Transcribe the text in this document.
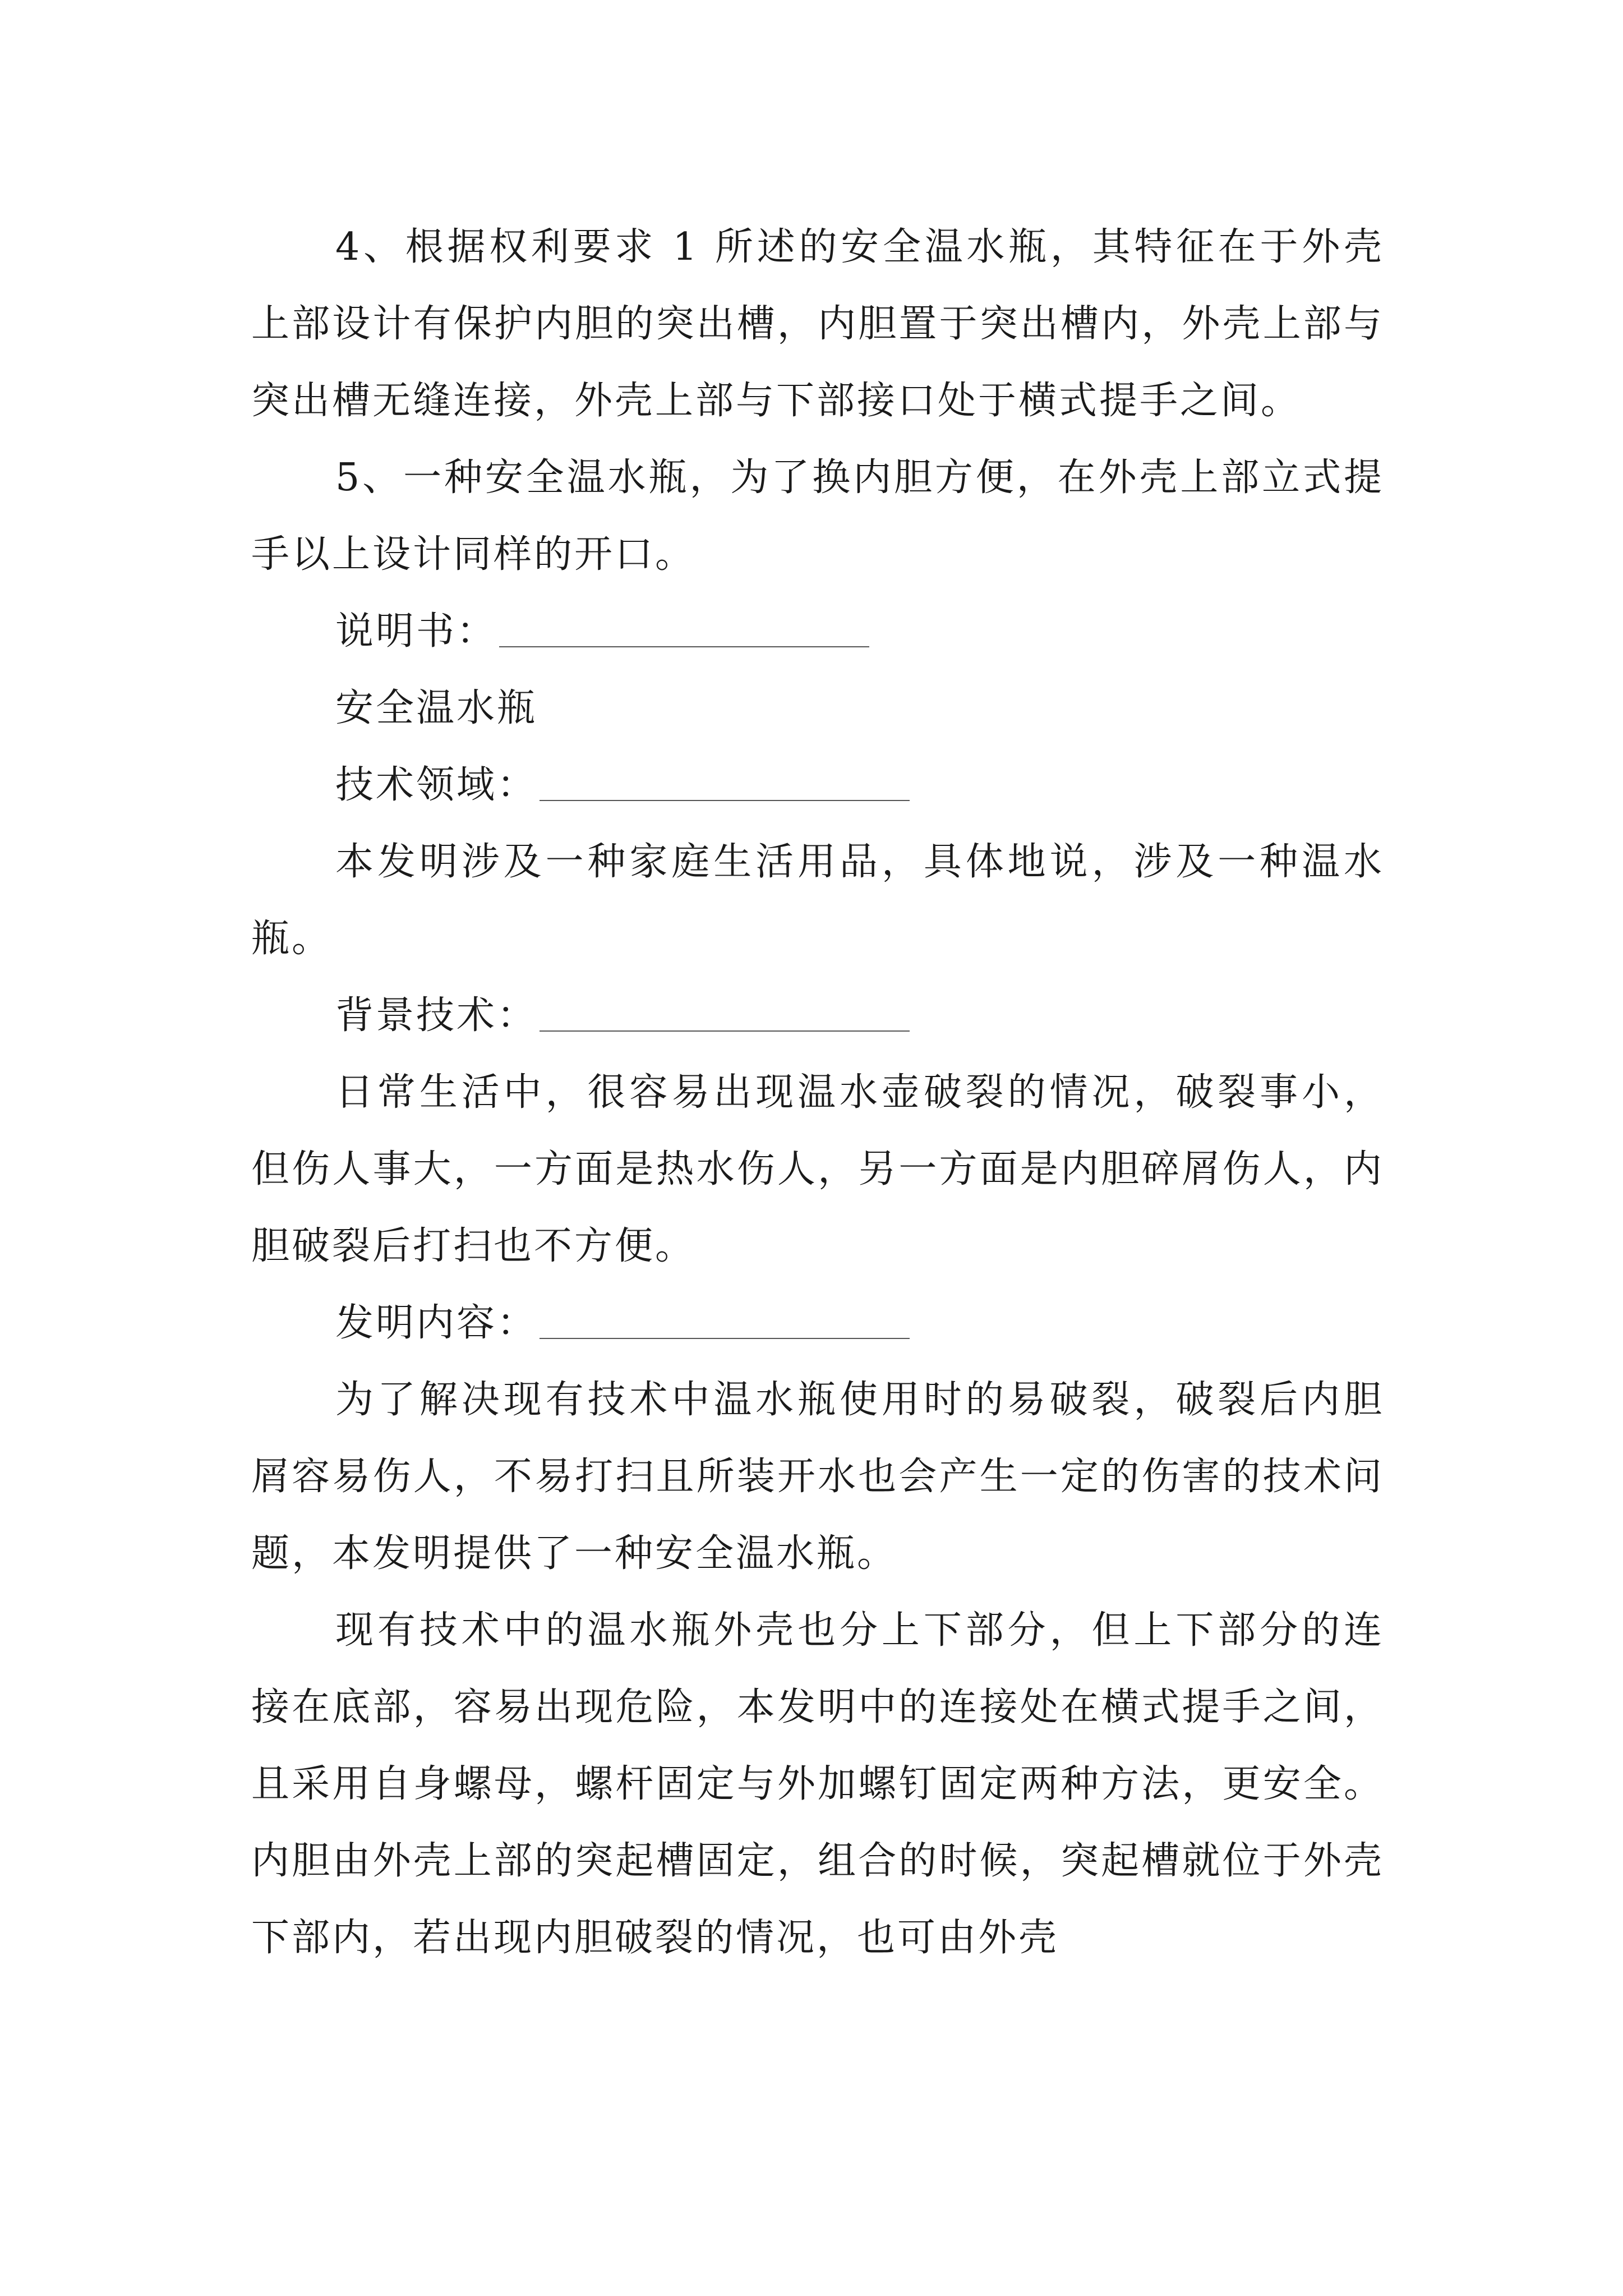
4、根据权利要求 1 所述的安全温水瓶，其特征在于外壳上部设计有保护内胆的突出槽，内胆置于突出槽内，外壳上部与突出槽无缝连接，外壳上部与下部接口处于横式提手之间。

5、一种安全温水瓶，为了换内胆方便，在外壳上部立式提手以上设计同样的开口。

说明书：

安全温水瓶

技术领域：

本发明涉及一种家庭生活用品，具体地说，涉及一种温水瓶。

背景技术：

日常生活中，很容易出现温水壶破裂的情况，破裂事小，但伤人事大，一方面是热水伤人，另一方面是内胆碎屑伤人，内胆破裂后打扫也不方便。

发明内容：

为了解决现有技术中温水瓶使用时的易破裂，破裂后内胆屑容易伤人，不易打扫且所装开水也会产生一定的伤害的技术问题，本发明提供了一种安全温水瓶。

现有技术中的温水瓶外壳也分上下部分，但上下部分的连接在底部，容易出现危险，本发明中的连接处在横式提手之间，且采用自身螺母，螺杆固定与外加螺钉固定两种方法，更安全。内胆由外壳上部的突起槽固定，组合的时候，突起槽就位于外壳下部内，若出现内胆破裂的情况，也可由外壳
